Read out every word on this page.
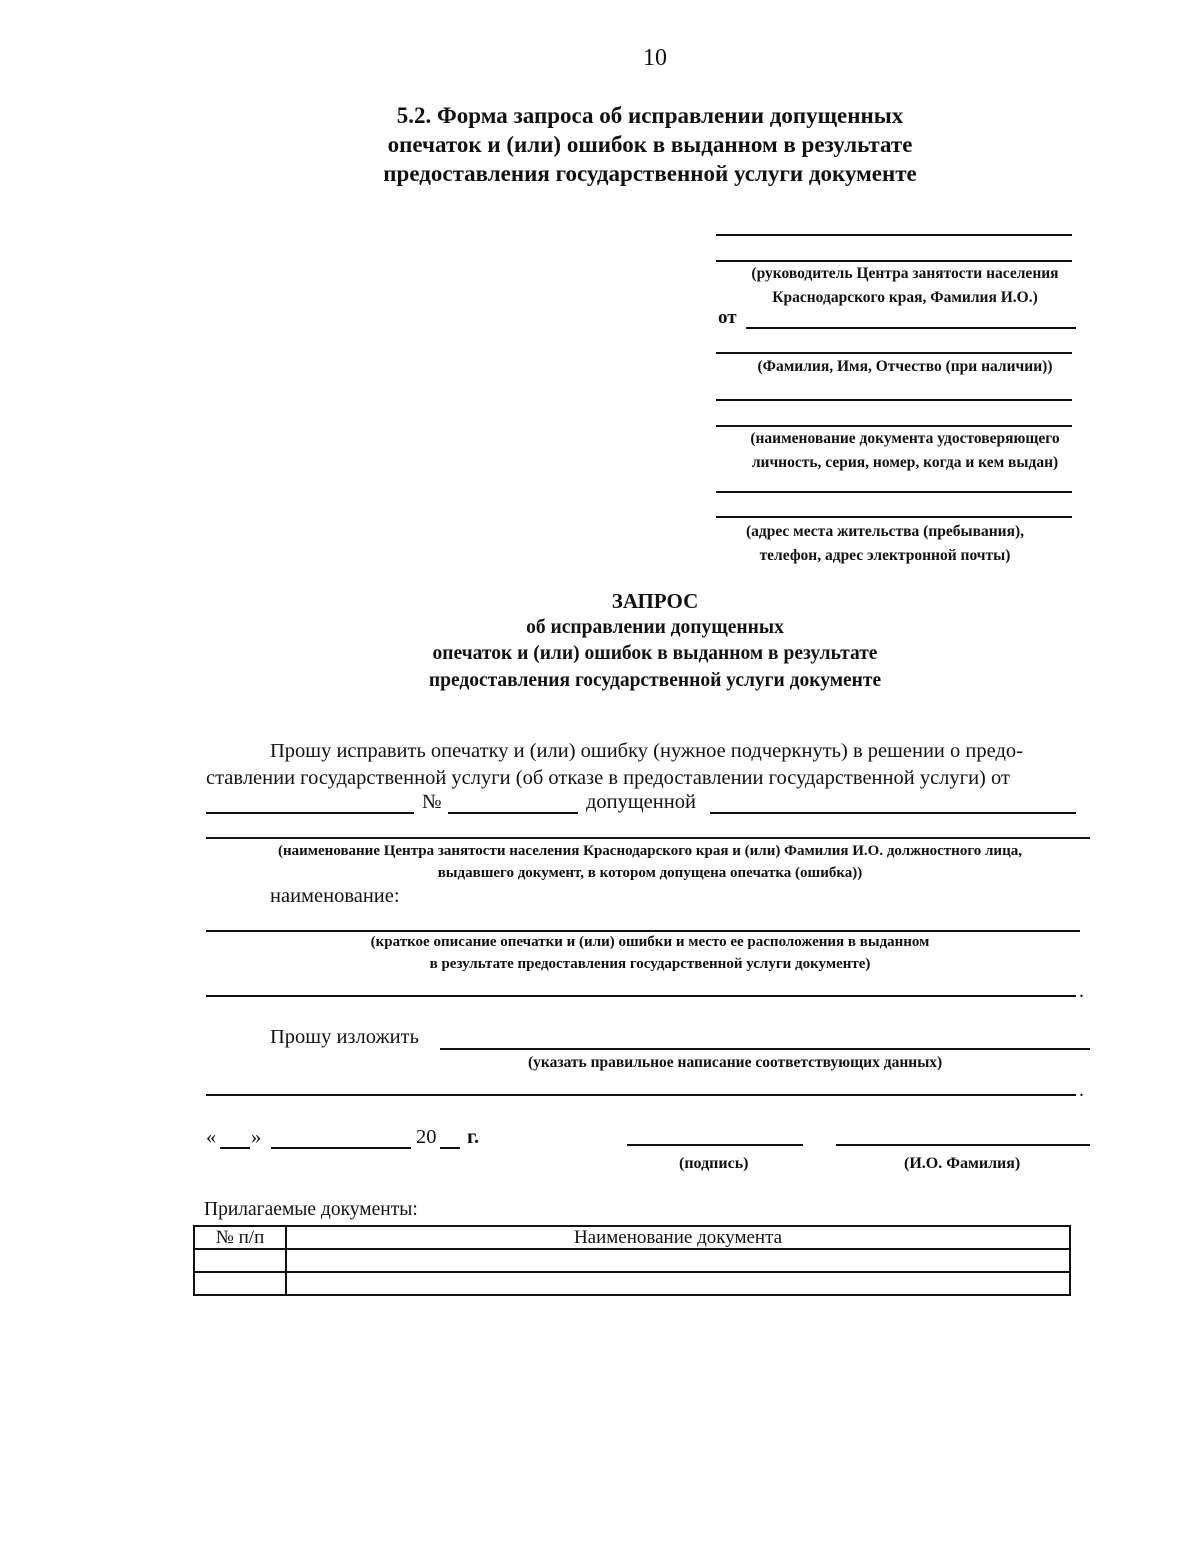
10
5.2. Форма запроса об исправлении допущенных
опечаток и (или) ошибок в выданном в результате
предоставления государственной услуги документе
(руководитель Центра занятости населения
Краснодарского края, Фамилия И.О.)
от
(Фамилия, Имя, Отчество (при наличии))
(наименование документа удостоверяющего
личность, серия, номер, когда и кем выдан)
(адрес места жительства (пребывания),
телефон, адрес электронной почты)
ЗАПРОС
об исправлении допущенных
опечаток и (или) ошибок в выданном в результате
предоставления государственной услуги документе
Прошу исправить опечатку и (или) ошибку (нужное подчеркнуть) в решении о предо-
ставлении государственной услуги (об отказе в предоставлении государственной услуги) от
№	допущенной
(наименование Центра занятости населения Краснодарского края и (или) Фамилия И.О. должностного лица,
выдавшего документ, в котором допущена опечатка (ошибка))
наименование:
(краткое описание опечатки и (или) ошибки и место ее расположения в выданном
в результате предоставления государственной услуги документе)
.
Прошу изложить
(указать правильное написание соответствующих данных)
.
« »	20 г.
(подпись)	(И.О. Фамилия)
Прилагаемые документы:
№ п/п	Наименование документа
